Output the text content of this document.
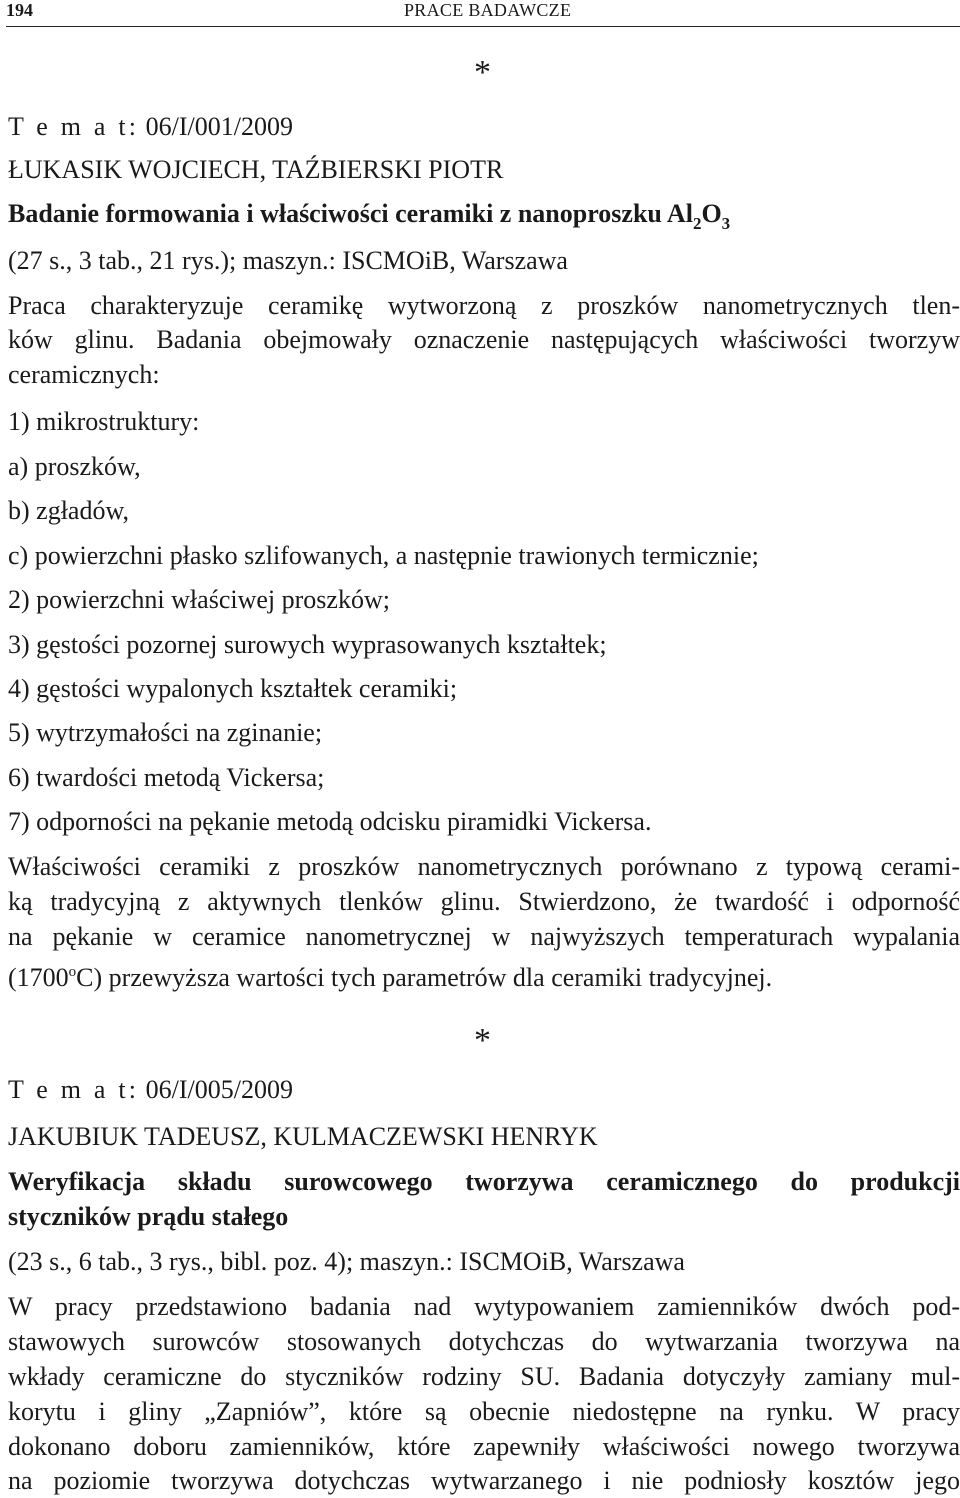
194	PRACE BADAWCZE
*
T e m a t: 06/I/001/2009
ŁUKASIK WOJCIECH, TAŹBIERSKI PIOTR
Badanie formowania i właściwości ceramiki z nanoproszku $Al_2O_3$
(27 s., 3 tab., 21 rys.); maszyn.: ISCMOiB, Warszawa
Praca charakteryzuje ceramikę wytworzoną z proszków nanometrycznych tlen-
ków glinu. Badania obejmowały oznaczenie następujących właściwości tworzyw
ceramicznych:
1) mikrostruktury:
a) proszków,
b) zgładów,
c) powierzchni płasko szlifowanych, a następnie trawionych termicznie;
2) powierzchni właściwej proszków;
3) gęstości pozornej surowych wyprasowanych kształtek;
4) gęstości wypalonych kształtek ceramiki;
5) wytrzymałości na zginanie;
6) twardości metodą Vickersa;
7) odporności na pękanie metodą odcisku piramidki Vickersa.
Właściwości ceramiki z proszków nanometrycznych porównano z typową cerami-
ką tradycyjną z aktywnych tlenków glinu. Stwierdzono, że twardość i odporność
na pękanie w ceramice nanometrycznej w najwyższych temperaturach wypalania
(1700$^o$C) przewyższa wartości tych parametrów dla ceramiki tradycyjnej.
*
T e m a t: 06/I/005/2009
JAKUBIUK TADEUSZ, KULMACZEWSKI HENRYK
Weryfikacja składu surowcowego tworzywa ceramicznego do produkcji
styczników prądu stałego
(23 s., 6 tab., 3 rys., bibl. poz. 4); maszyn.: ISCMOiB, Warszawa
W pracy przedstawiono badania nad wytypowaniem zamienników dwóch pod-
stawowych surowców stosowanych dotychczas do wytwarzania tworzywa na
wkłady ceramiczne do styczników rodziny SU. Badania dotyczyły zamiany mul-
korytu i gliny „Zapniów”, które są obecnie niedostępne na rynku. W pracy
dokonano doboru zamienników, które zapewniły właściwości nowego tworzywa
na poziomie tworzywa dotychczas wytwarzanego i nie podniosły kosztów jego
